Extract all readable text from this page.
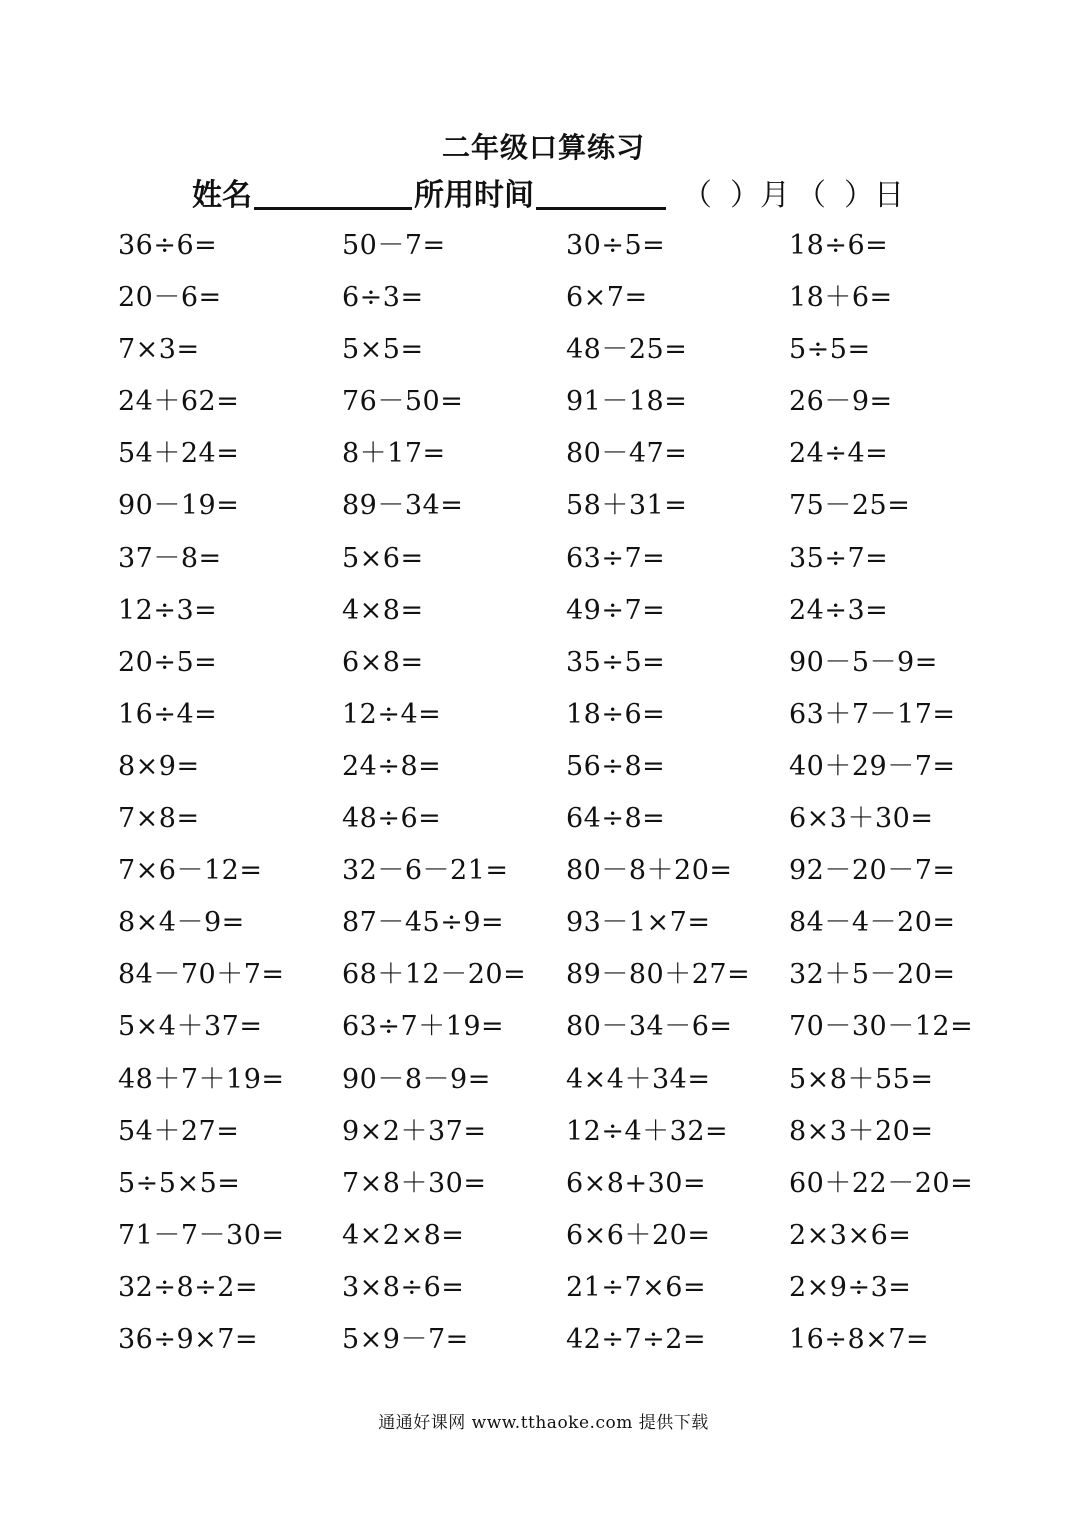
二年级口算练习
姓名	所用时间	（ ） 月 （ ） 日
36÷6=	50－7=	30÷5=	18÷6=
20－6=	6÷3=	6×7=	18＋6=
7×3=	5×5=	48－25=	5÷5=
24＋62=	76－50=	91－18=	26－9=
54＋24=	8＋17=	80－47=	24÷4=
90－19=	89－34=	58＋31=	75－25=
37－8=	5×6=	63÷7=	35÷7=
12÷3=	4×8=	49÷7=	24÷3=
20÷5=	6×8=	35÷5=	90－5－9=
16÷4=	12÷4=	18÷6=	63＋7－17=
8×9=	24÷8=	56÷8=	40＋29－7=
7×8=	48÷6=	64÷8=	6×3＋30=
7×6－12=	32－6－21=	80－8＋20=	92－20－7=
8×4－9=	87－45÷9=	93－1×7=	84－4－20=
84－70＋7=	68＋12－20=	89－80＋27=	32＋5－20=
5×4＋37=	63÷7＋19=	80－34－6=	70－30－12=
48＋7＋19=	90－8－9=	4×4＋34=	5×8＋55=
54＋27=	9×2＋37=	12÷4＋32=	8×3＋20=
5÷5×5=	7×8＋30=	6×8+30=	60＋22－20=
71－7－30=	4×2×8=	6×6＋20=	2×3×6=
32÷8÷2=	3×8÷6=	21÷7×6=	2×9÷3=
36÷9×7=	5×9－7=	42÷7÷2=	16÷8×7=
通通好课网 www.tthaoke.com 提供下载
